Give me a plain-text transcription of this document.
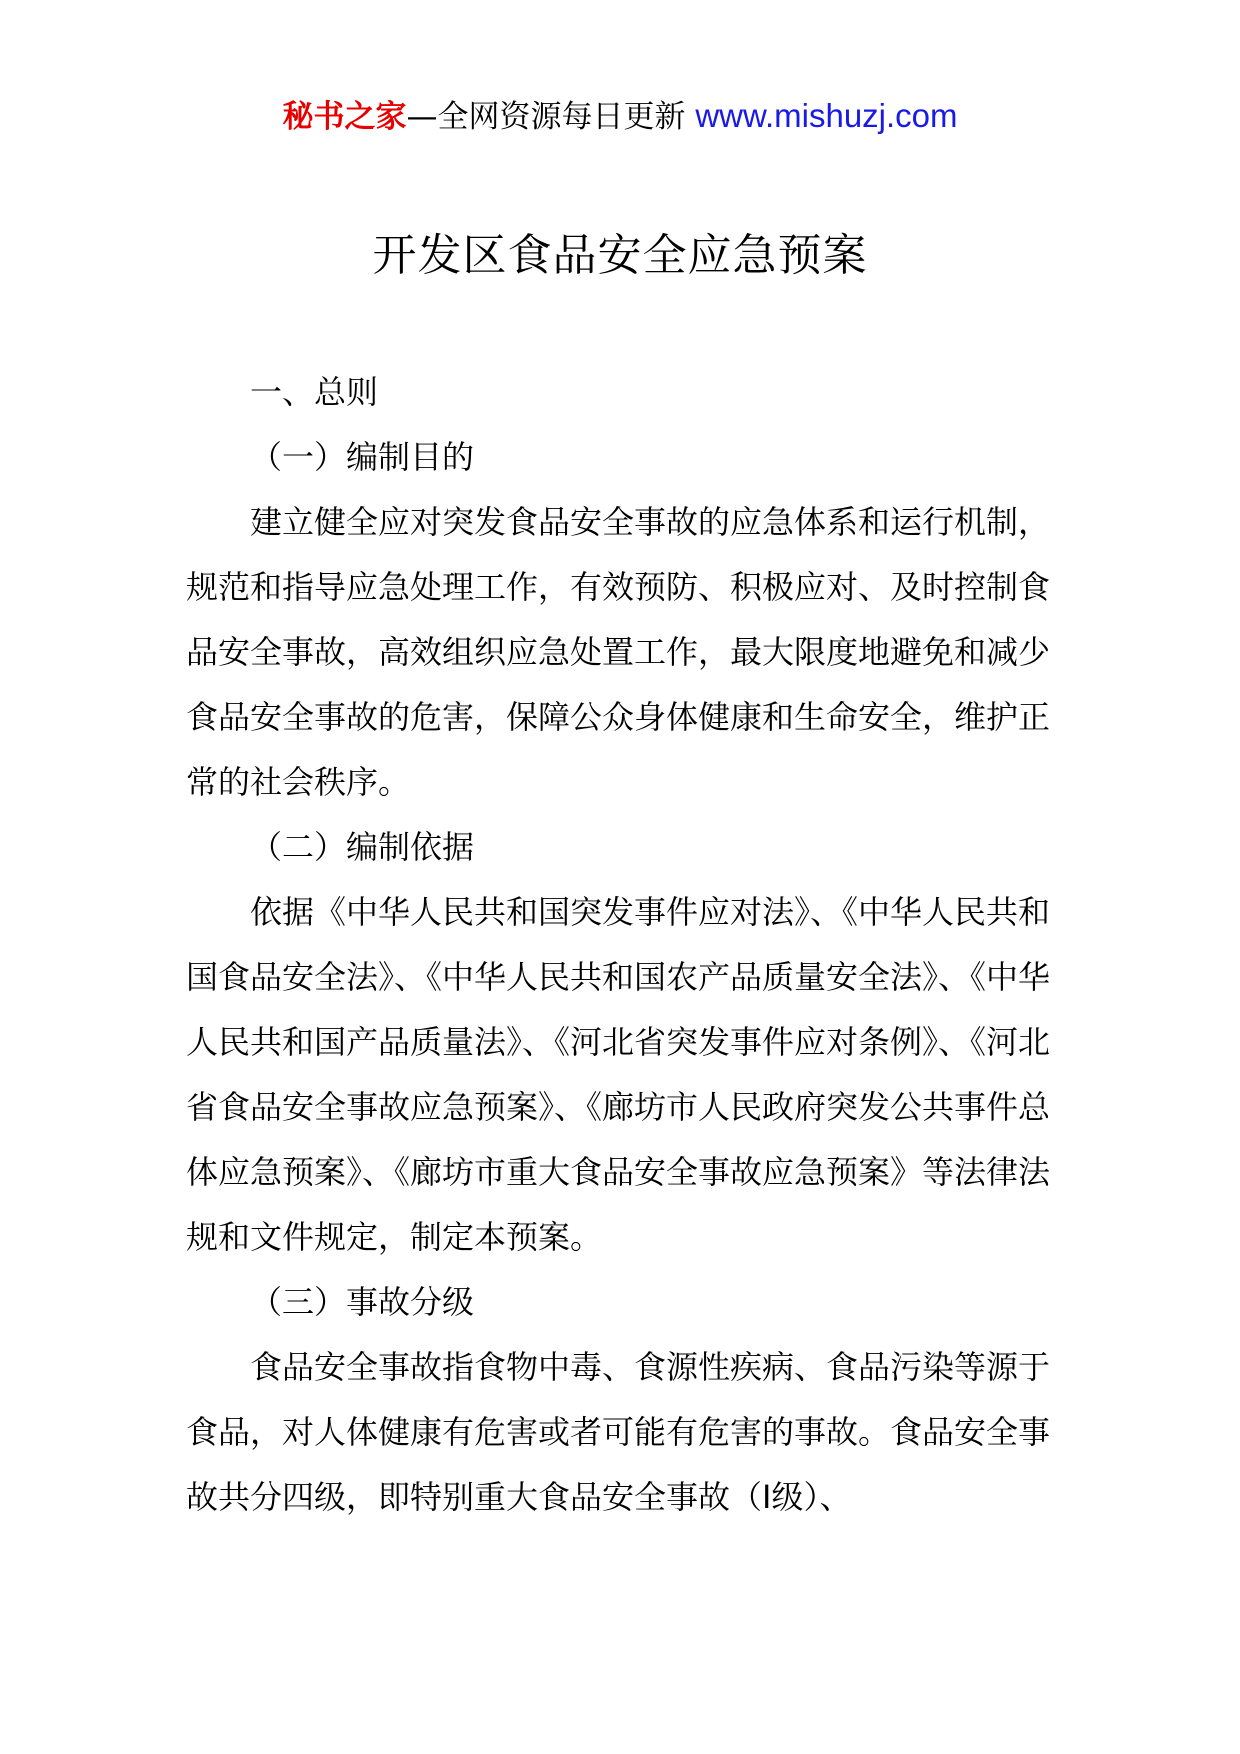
秘书之家—全网资源每日更新 www.mishuzj.com
开发区食品安全应急预案

一、总则

（一）编制目的

建立健全应对突发食品安全事故的应急体系和运行机制，规范和指导应急处理工作，有效预防、积极应对、及时控制食品安全事故，高效组织应急处置工作，最大限度地避免和减少食品安全事故的危害，保障公众身体健康和生命安全，维护正常的社会秩序。

（二）编制依据

依据《中华人民共和国突发事件应对法》、《中华人民共和国食品安全法》、《中华人民共和国农产品质量安全法》、《中华人民共和国产品质量法》、《河北省突发事件应对条例》、《河北省食品安全事故应急预案》、《廊坊市人民政府突发公共事件总体应急预案》、《廊坊市重大食品安全事故应急预案》等法律法规和文件规定，制定本预案。

（三）事故分级

食品安全事故指食物中毒、食源性疾病、食品污染等源于食品，对人体健康有危害或者可能有危害的事故。食品安全事故共分四级，即特别重大食品安全事故（Ⅰ级）、
